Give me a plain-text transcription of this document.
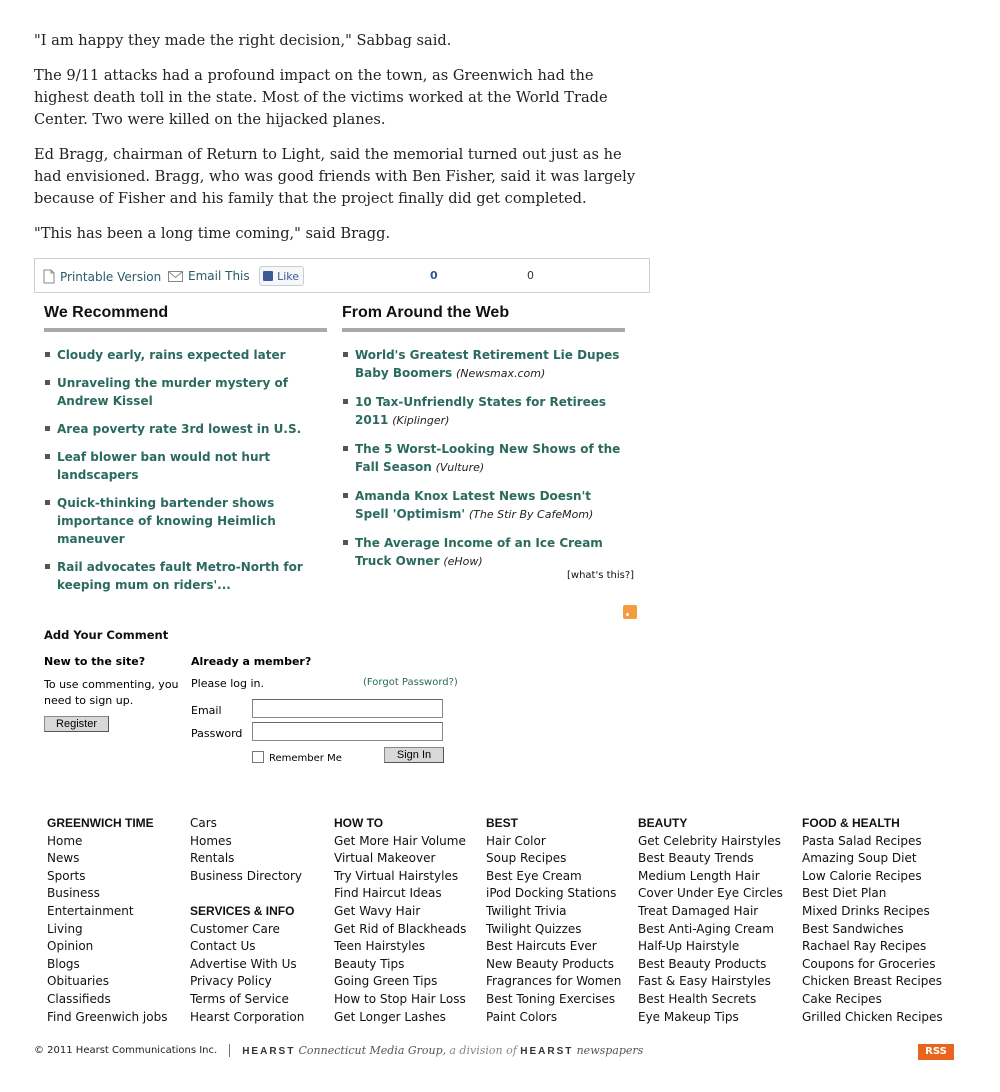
"I am happy they made the right decision," Sabbag said.

The 9/11 attacks had a profound impact on the town, as Greenwich had the highest death toll in the state. Most of the victims worked at the World Trade Center. Two were killed on the hijacked planes.

Ed Bragg, chairman of Return to Light, said the memorial turned out just as he had envisioned. Bragg, who was good friends with Ben Fisher, said it was largely because of Fisher and his family that the project finally did get completed.

"This has been a long time coming," said Bragg.

Printable Version Email This Like	0	0
We Recommend
Cloudy early, rains expected later
Unraveling the murder mystery of Andrew Kissel
Area poverty rate 3rd lowest in U.S.
Leaf blower ban would not hurt landscapers
Quick-thinking bartender shows importance of knowing Heimlich maneuver
Rail advocates fault Metro-North for keeping mum on riders'...
From Around the Web
World's Greatest Retirement Lie Dupes Baby Boomers (Newsmax.com)
10 Tax-Unfriendly States for Retirees 2011 (Kiplinger)
The 5 Worst-Looking New Shows of the Fall Season (Vulture)
Amanda Knox Latest News Doesn't Spell 'Optimism' (The Stir By CafeMom)
The Average Income of an Ice Cream Truck Owner (eHow)
[what's this?]
Add Your Comment
New to the site?
To use commenting, you need to sign up.
Register
Already a member?
Please log in.	(Forgot Password?)
Email
Password
Remember Me	Sign In
GREENWICH TIME
Home
News
Sports
Business
Entertainment
Living
Opinion
Blogs
Obituaries
Classifieds
Find Greenwich jobs
Cars
Homes
Rentals
Business Directory
SERVICES & INFO
Customer Care
Contact Us
Advertise With Us
Privacy Policy
Terms of Service
Hearst Corporation
HOW TO
Get More Hair Volume
Virtual Makeover
Try Virtual Hairstyles
Find Haircut Ideas
Get Wavy Hair
Get Rid of Blackheads
Teen Hairstyles
Beauty Tips
Going Green Tips
How to Stop Hair Loss
Get Longer Lashes
BEST
Hair Color
Soup Recipes
Best Eye Cream
iPod Docking Stations
Twilight Trivia
Twilight Quizzes
Best Haircuts Ever
New Beauty Products
Fragrances for Women
Best Toning Exercises
Paint Colors
BEAUTY
Get Celebrity Hairstyles
Best Beauty Trends
Medium Length Hair
Cover Under Eye Circles
Treat Damaged Hair
Best Anti-Aging Cream
Half-Up Hairstyle
Best Beauty Products
Fast & Easy Hairstyles
Best Health Secrets
Eye Makeup Tips
FOOD & HEALTH
Pasta Salad Recipes
Amazing Soup Diet
Low Calorie Recipes
Best Diet Plan
Mixed Drinks Recipes
Best Sandwiches
Rachael Ray Recipes
Coupons for Groceries
Chicken Breast Recipes
Cake Recipes
Grilled Chicken Recipes
© 2011 Hearst Communications Inc.	HEARST Connecticut Media Group, a division of HEARST newspapers	RSS
